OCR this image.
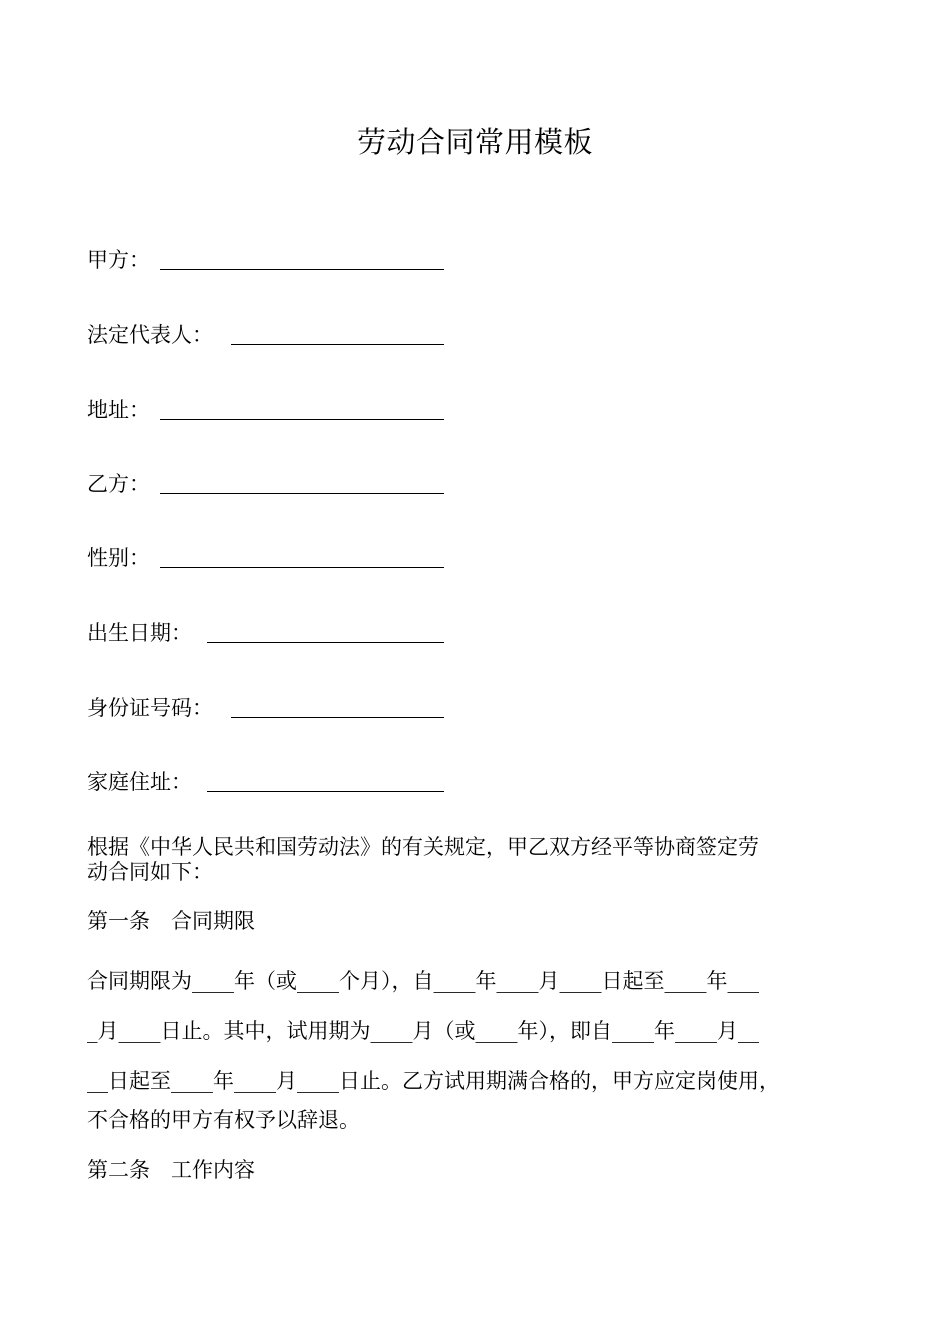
劳动合同常用模板
甲方：
法定代表人：
地址：
乙方：
性别：
出生日期：
身份证号码：
家庭住址：
根据《中华人民共和国劳动法》的有关规定，甲乙双方经平等协商签定劳
动合同如下：
第一条　合同期限
合同期限为____年（或____个月），自____年____月____日起至____年___
_月____日止。其中，试用期为____月（或____年），即自____年____月__
__日起至____年____月____日止。乙方试用期满合格的，甲方应定岗使用，
不合格的甲方有权予以辞退。
第二条　工作内容
